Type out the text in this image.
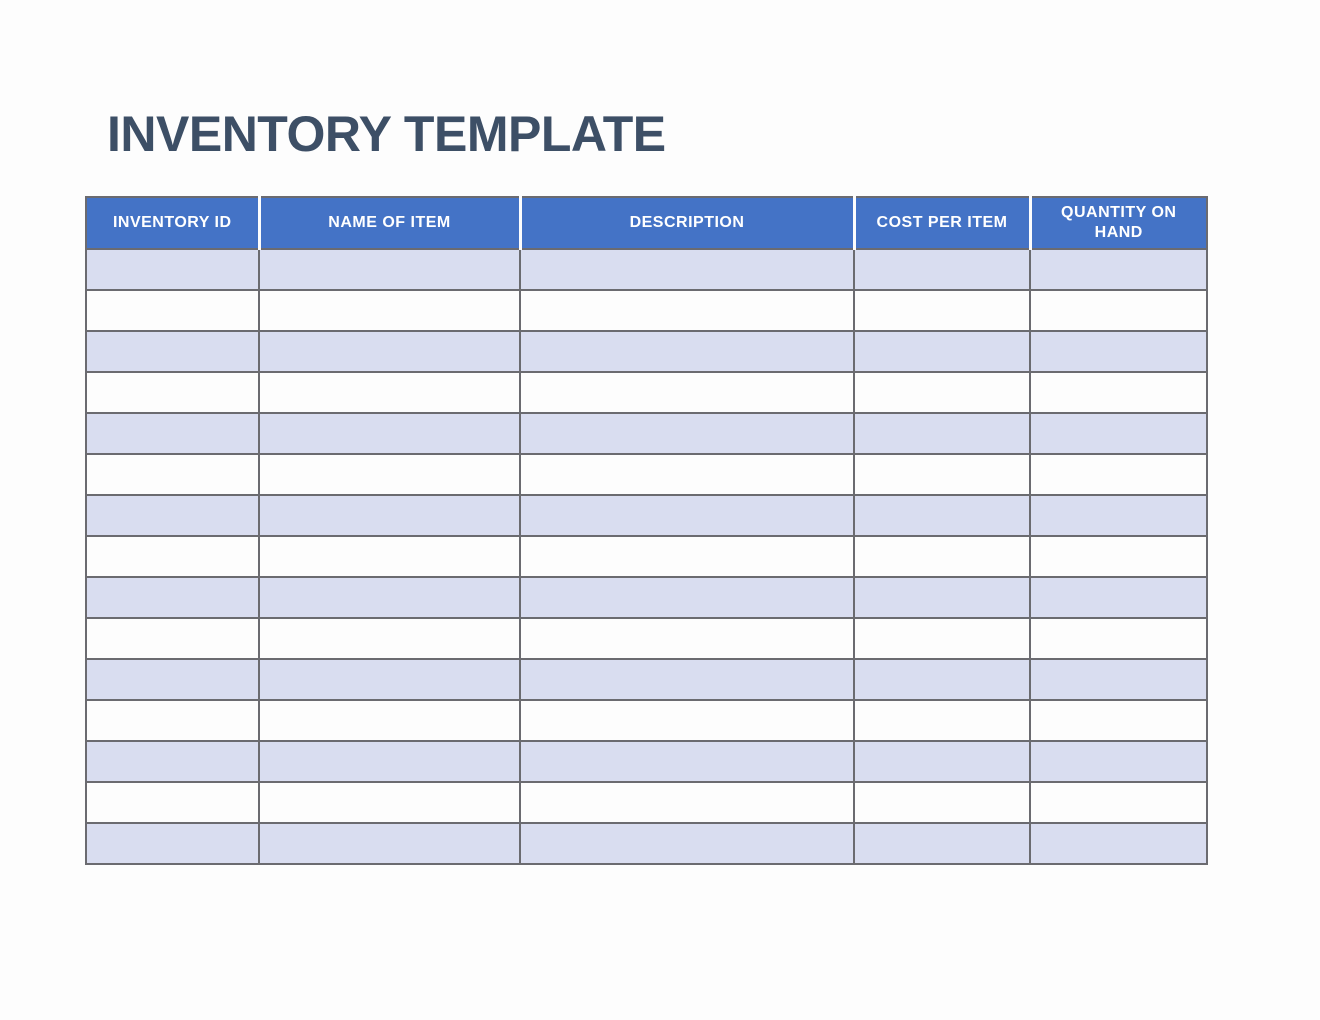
INVENTORY TEMPLATE
INVENTORY ID	NAME OF ITEM	DESCRIPTION	COST PER ITEM	QUANTITY ON HAND
